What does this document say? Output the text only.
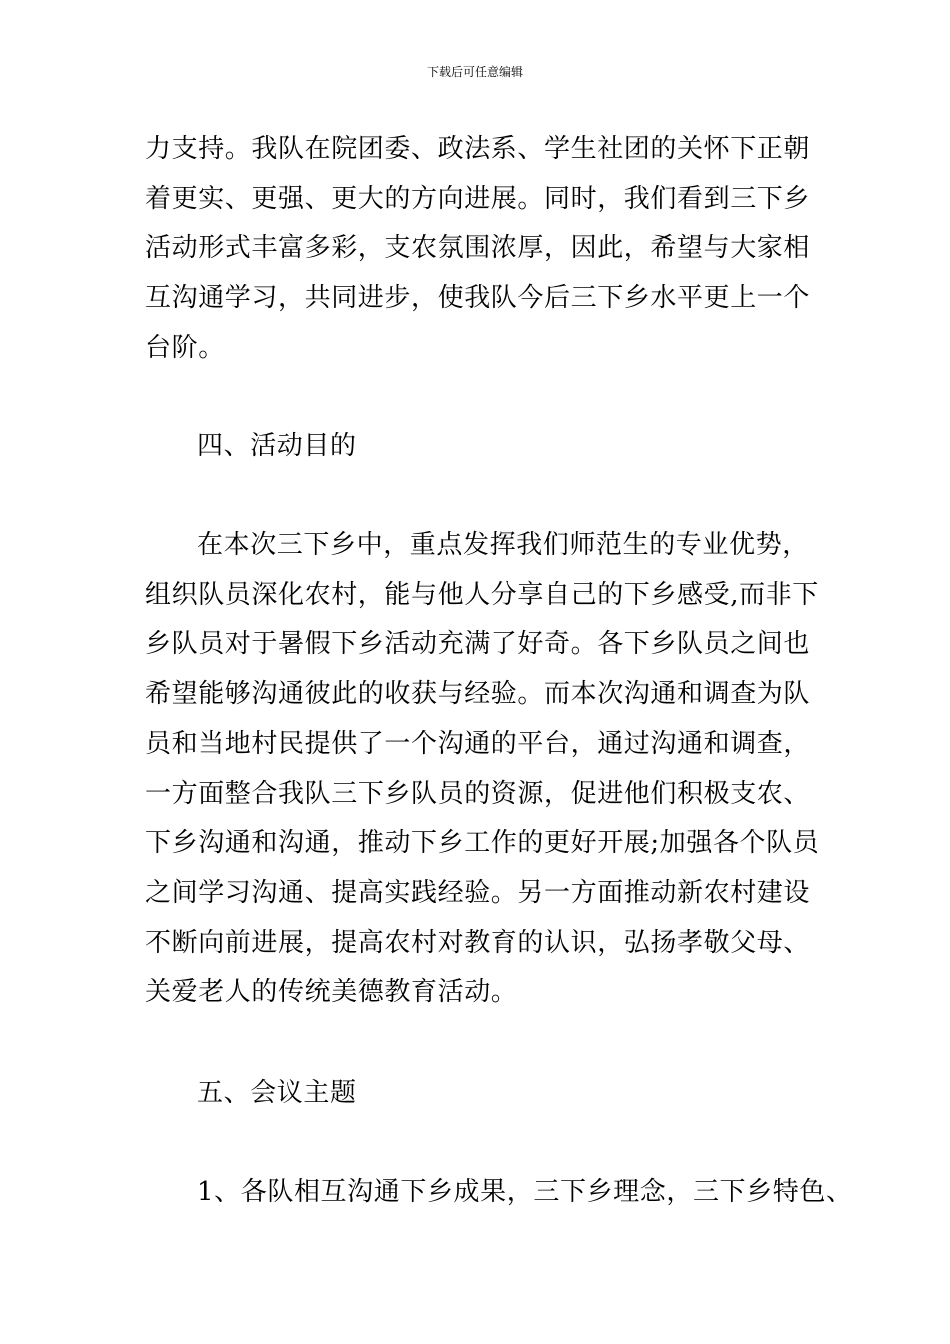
下载后可任意编辑
力支持。我队在院团委、政法系、学生社团的关怀下正朝
着更实、更强、更大的方向进展。同时，我们看到三下乡
活动形式丰富多彩，支农氛围浓厚，因此，希望与大家相
互沟通学习，共同进步，使我队今后三下乡水平更上一个
台阶。
四、活动目的
在本次三下乡中，重点发挥我们师范生的专业优势，
组织队员深化农村，能与他人分享自己的下乡感受,而非下
乡队员对于暑假下乡活动充满了好奇。各下乡队员之间也
希望能够沟通彼此的收获与经验。而本次沟通和调查为队
员和当地村民提供了一个沟通的平台，通过沟通和调查，
一方面整合我队三下乡队员的资源，促进他们积极支农、
下乡沟通和沟通，推动下乡工作的更好开展;加强各个队员
之间学习沟通、提高实践经验。另一方面推动新农村建设
不断向前进展，提高农村对教育的认识，弘扬孝敬父母、
关爱老人的传统美德教育活动。
五、会议主题
1、各队相互沟通下乡成果，三下乡理念，三下乡特色、
